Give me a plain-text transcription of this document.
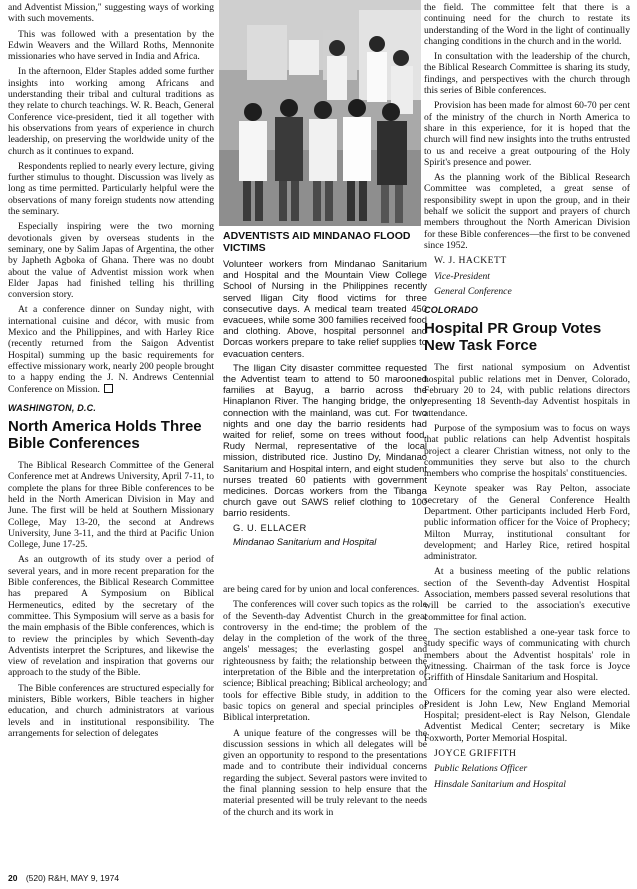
and Adventist Mission," suggesting ways of working with such movements.

This was followed with a presentation by the Edwin Weavers and the Willard Roths, Mennonite missionaries who have served in India and Africa.

In the afternoon, Elder Staples added some further insights into working among Africans and understanding their tribal and cultural traditions as they relate to church teachings. W. R. Beach, General Conference vice-president, tied it all together with his observations from years of experience in church leadership, on preserving the worldwide unity of the church as it continues to expand.

Respondents replied to nearly every lecture, giving further stimulus to thought. Discussion was lively as long as time permitted. Particularly helpful were the observations of many foreign students now attending the seminary.

Especially inspiring were the two morning devotionals given by overseas students in the seminary, one by Salim Japas of Argentina, the other by Japheth Agboka of Ghana. There was no doubt about the value of Adventist mission work when Elder Japas had finished telling his thrilling conversion story.

At a conference dinner on Sunday night, with international cuisine and décor, with music from Mexico and the Philippines, and with Harley Rice (recently returned from the Saigon Adventist Hospital) summing up the basic requirements for effective missionary work, nearly 200 people brought to a happy ending the J. N. Andrews Centennial Conference on Mission.

WASHINGTON, D.C.
North America Holds Three Bible Conferences

The Biblical Research Committee of the General Conference met at Andrews University, April 7-11, to complete the plans for three Bible conferences to be held in the North American Division in May and June. The first will be held at Southern Missionary College, May 13-20, the second at Andrews University, June 3-11, and the third at Pacific Union College, June 17-25.

As an outgrowth of its study over a period of several years, and in more recent preparation for the Bible conferences, the Biblical Research Committee has prepared A Symposium on Biblical Hermeneutics, edited by the secretary of the committee. This Symposium will serve as a basis for the main emphasis of the Bible conferences, which is to review the principles by which Seventh-day Adventists interpret the Scriptures, and likewise the view of revelation and inspiration that governs our approach to the study of the Bible.

The Bible conferences are structured especially for ministers, Bible workers, Bible teachers in higher education, and church administrators at various levels and in institutional responsibility. The arrangements for selection of delegates

ADVENTISTS AID MINDANAO FLOOD VICTIMS

Volunteer workers from Mindanao Sanitarium and Hospital and the Mountain View College School of Nursing in the Philippines recently served Iligan City flood victims for three consecutive days. A medical team treated 450 evacuees, while some 300 families received food and clothing. Above, hospital personnel and Dorcas workers prepare to take relief supplies to evacuation centers.

The Iligan City disaster committee requested the Adventist team to attend to 50 marooned families at Bayug, a barrio across the Hinaplanon River. The hanging bridge, the only connection with the mainland, was cut. For two nights and one day the barrio residents had waited for relief, some on trees without food. Rudy Nermal, representative of the local mission, distributed rice. Justino Dy, Mindanao Sanitarium and Hospital intern, and eight student nurses treated 60 patients with government medicines. Dorcas workers from the Tibanga church gave out SAWS relief clothing to 100 barrio residents.

G. U. ELLACER

Mindanao Sanitarium and Hospital

are being cared for by union and local conferences.

The conferences will cover such topics as the role of the Seventh-day Adventist Church in the great controversy in the end-time; the problem of the delay in the completion of the work of the three angels' messages; the everlasting gospel and righteousness by faith; the relationship between the interpretation of the Bible and the interpretation of science; Biblical preaching; Biblical archeology; and tools for effective Bible study, in addition to the basic topics on general and special principles of Biblical interpretation.

A unique feature of the congresses will be the discussion sessions in which all delegates will be given an opportunity to respond to the presentations made and to contribute their individual concerns regarding the subject. Several pastors were invited to the final planning session to help ensure that the material presented will be truly relevant to the needs of the church and its work in

the field. The committee felt that there is a continuing need for the church to restate its understanding of the Word in the light of continually changing conditions in the church and in the world.

In consultation with the leadership of the church, the Biblical Research Committee is sharing its study, findings, and perspectives with the church through this series of Bible conferences.

Provision has been made for almost 60-70 per cent of the ministry of the church in North America to share in this experience, for it is hoped that the church will find new insights into the truths entrusted to us and receive a great outpouring of the Holy Spirit's presence and power.

As the planning work of the Biblical Research Committee was completed, a great sense of responsibility swept in upon the group, and in their behalf we solicit the support and prayers of church members throughout the North American Division for these Bible conferences—the first to be convened since 1952.

W. J. HACKETT

Vice-President

General Conference

COLORADO
Hospital PR Group Votes New Task Force

The first national symposium on Adventist hospital public relations met in Denver, Colorado, February 20 to 24, with public relations directors representing 18 Seventh-day Adventist hospitals in attendance.

Purpose of the symposium was to focus on ways that public relations can help Adventist hospitals project a clearer Christian witness, not only to the communities they serve but also to the church members who comprise the hospitals' constituencies.

Keynote speaker was Ray Pelton, associate secretary of the General Conference Health Department. Other participants included Herb Ford, public information officer for the Voice of Prophecy; Milton Murray, institutional consultant for development; and Harley Rice, retired hospital administrator.

At a business meeting of the public relations section of the Seventh-day Adventist Hospital Association, members passed several resolutions that will be carried to the association's executive committee for final action.

The section established a one-year task force to study specific ways of communicating with church members about the Adventist hospitals' role in witnessing. Chairman of the task force is Joyce Griffith of Hinsdale Sanitarium and Hospital.

Officers for the coming year also were elected. President is John Lew, New England Memorial Hospital; president-elect is Ray Nelson, Glendale Adventist Medical Center; secretary is Mike Foxworth, Porter Memorial Hospital.

JOYCE GRIFFITH

Public Relations Officer

Hinsdale Sanitarium and Hospital

20 (520) R&H, MAY 9, 1974
